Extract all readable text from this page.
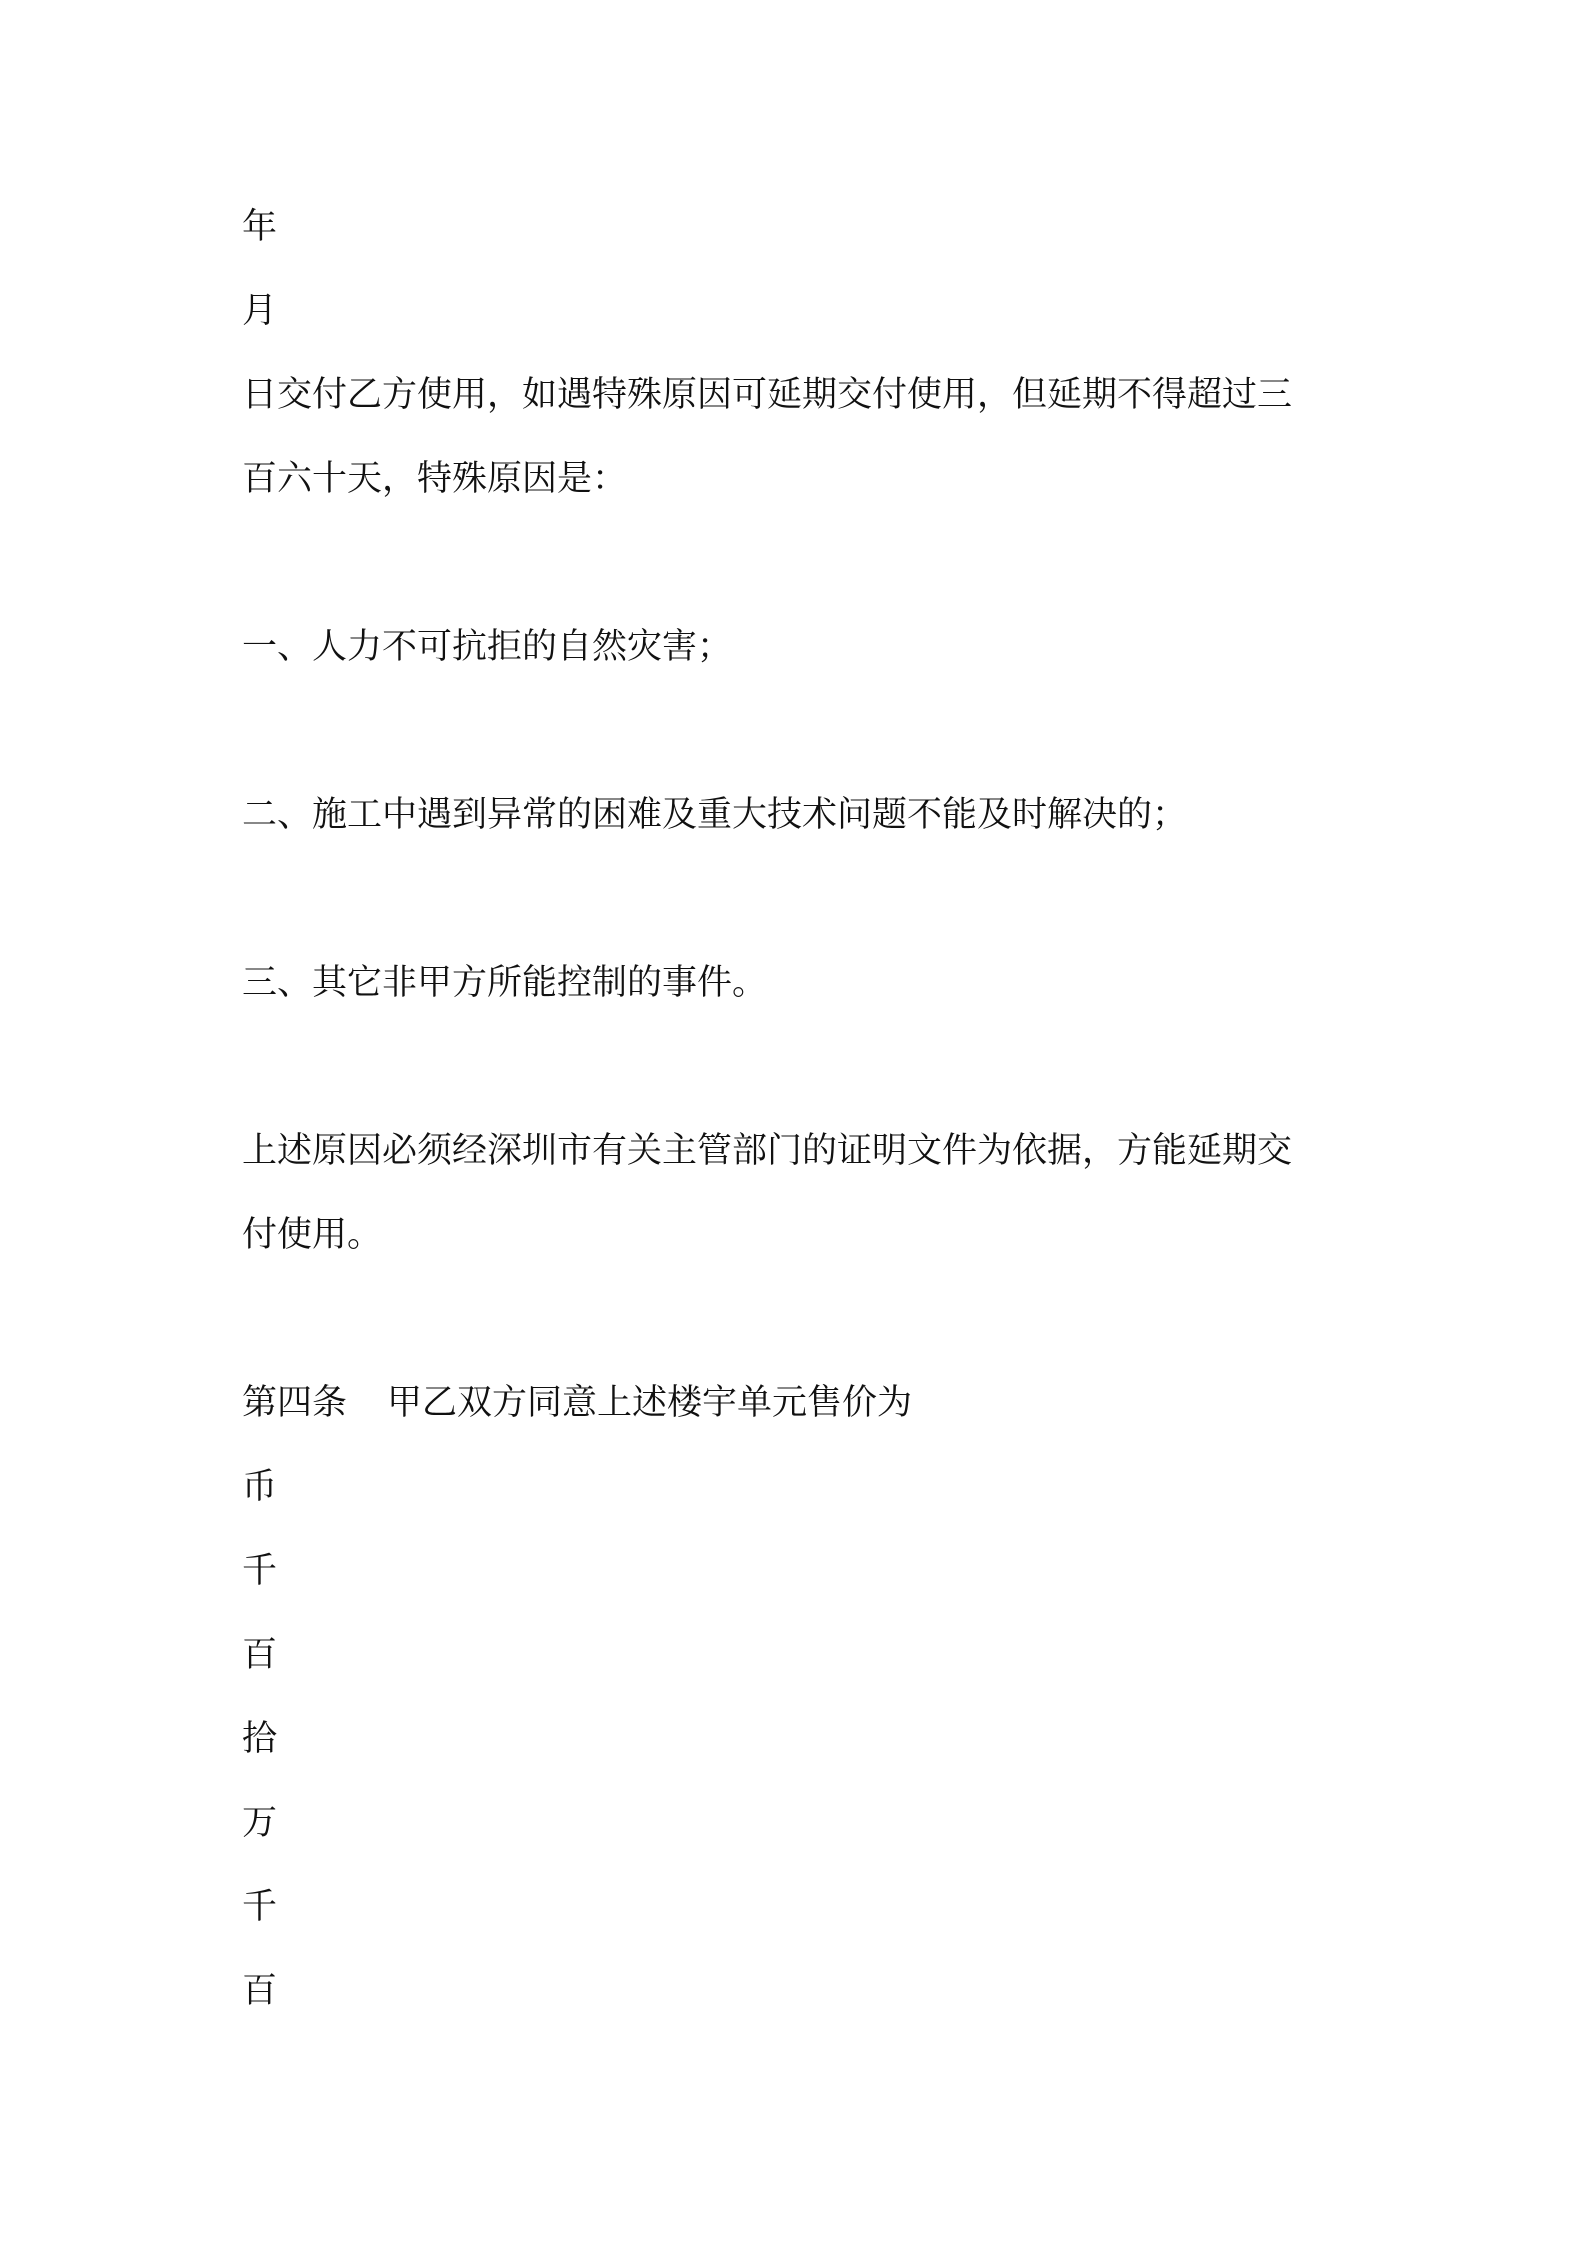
年
月
日交付乙方使用，如遇特殊原因可延期交付使用，但延期不得超过三
百六十天，特殊原因是：
一、人力不可抗拒的自然灾害；
二、施工中遇到异常的困难及重大技术问题不能及时解决的；
三、其它非甲方所能控制的事件。
上述原因必须经深圳市有关主管部门的证明文件为依据，方能延期交
付使用。
第四条 甲乙双方同意上述楼宇单元售价为
币
千
百
拾
万
千
百
